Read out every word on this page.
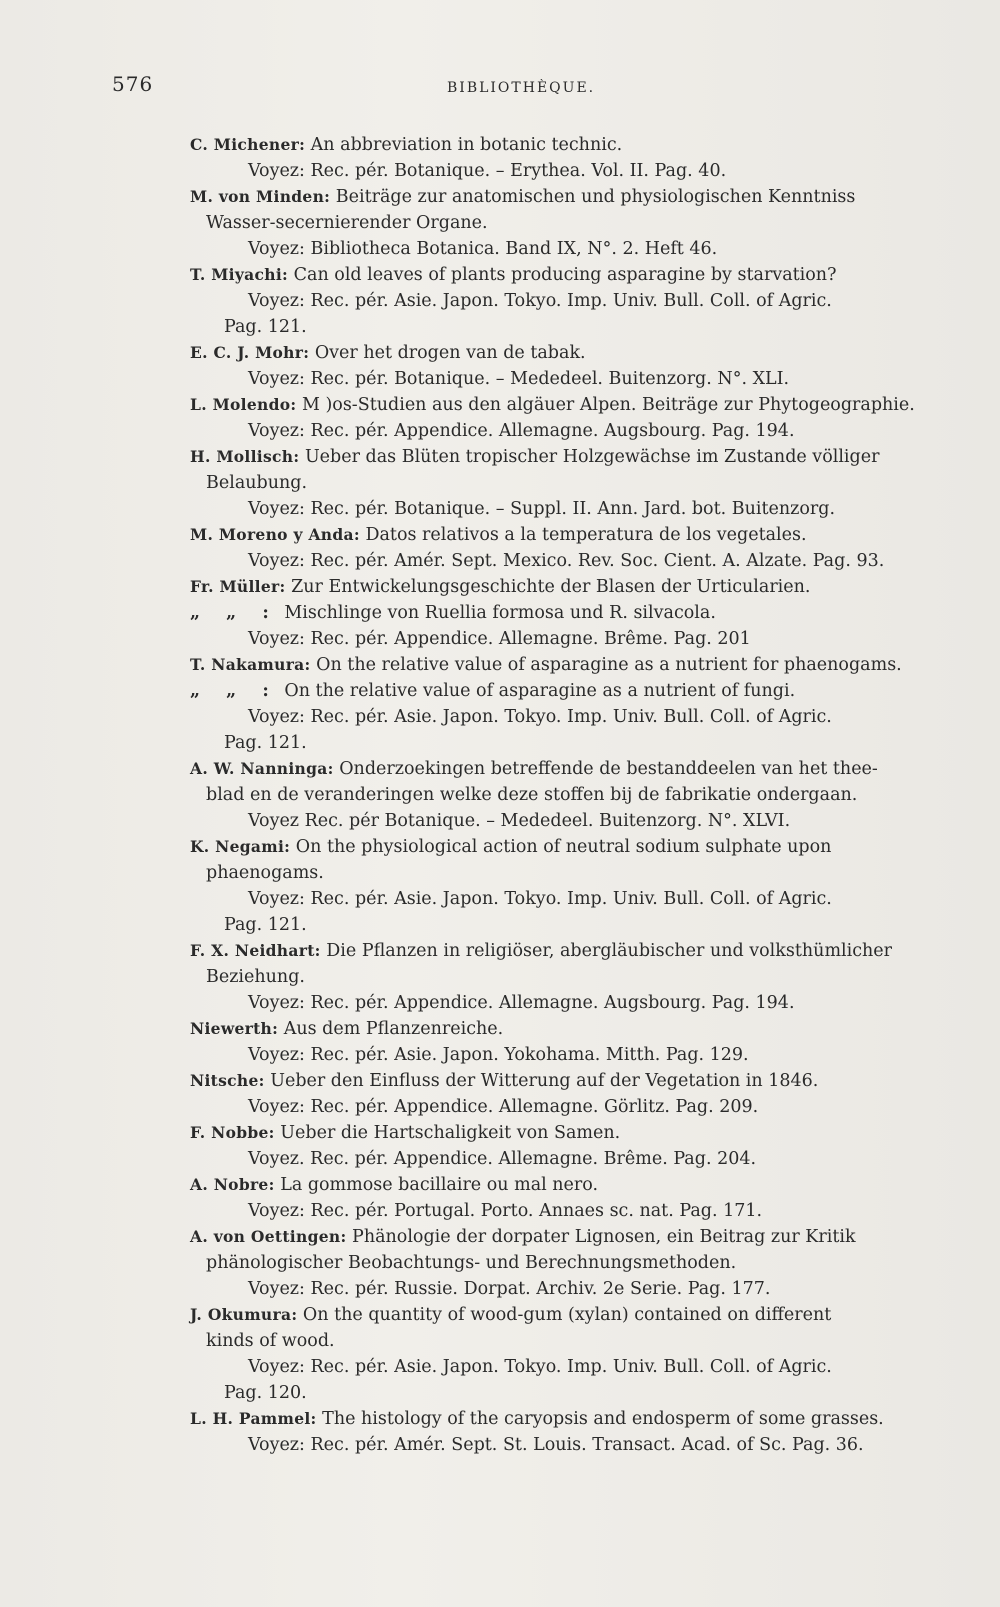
576	BIBLIOTHÈQUE.
C. Michener: An abbreviation in botanic technic.
Voyez: Rec. pér. Botanique. – Erythea. Vol. II. Pag. 40.
M. von Minden: Beiträge zur anatomischen und physiologischen Kenntniss
Wasser-secernierender Organe.
Voyez: Bibliotheca Botanica. Band IX, N°. 2. Heft 46.
T. Miyachi: Can old leaves of plants producing asparagine by starvation?
Voyez: Rec. pér. Asie. Japon. Tokyo. Imp. Univ. Bull. Coll. of Agric.
Pag. 121.
E. C. J. Mohr: Over het drogen van de tabak.
Voyez: Rec. pér. Botanique. – Mededeel. Buitenzorg. N°. XLI.
L. Molendo: M )os-Studien aus den algäuer Alpen. Beiträge zur Phytogeographie.
Voyez: Rec. pér. Appendice. Allemagne. Augsbourg. Pag. 194.
H. Mollisch: Ueber das Blüten tropischer Holzgewächse im Zustande völliger
Belaubung.
Voyez: Rec. pér. Botanique. – Suppl. II. Ann. Jard. bot. Buitenzorg.
M. Moreno y Anda: Datos relativos a la temperatura de los vegetales.
Voyez: Rec. pér. Amér. Sept. Mexico. Rev. Soc. Cient. A. Alzate. Pag. 93.
Fr. Müller: Zur Entwickelungsgeschichte der Blasen der Urticularien.
„ „ : Mischlinge von Ruellia formosa und R. silvacola.
Voyez: Rec. pér. Appendice. Allemagne. Brême. Pag. 201
T. Nakamura: On the relative value of asparagine as a nutrient for phaenogams.
„ „ : On the relative value of asparagine as a nutrient of fungi.
Voyez: Rec. pér. Asie. Japon. Tokyo. Imp. Univ. Bull. Coll. of Agric.
Pag. 121.
A. W. Nanninga: Onderzoekingen betreffende de bestanddeelen van het thee-
blad en de veranderingen welke deze stoffen bij de fabrikatie ondergaan.
Voyez Rec. pér Botanique. – Mededeel. Buitenzorg. N°. XLVI.
K. Negami: On the physiological action of neutral sodium sulphate upon
phaenogams.
Voyez: Rec. pér. Asie. Japon. Tokyo. Imp. Univ. Bull. Coll. of Agric.
Pag. 121.
F. X. Neidhart: Die Pflanzen in religiöser, abergläubischer und volksthümlicher
Beziehung.
Voyez: Rec. pér. Appendice. Allemagne. Augsbourg. Pag. 194.
Niewerth: Aus dem Pflanzenreiche.
Voyez: Rec. pér. Asie. Japon. Yokohama. Mitth. Pag. 129.
Nitsche: Ueber den Einfluss der Witterung auf der Vegetation in 1846.
Voyez: Rec. pér. Appendice. Allemagne. Görlitz. Pag. 209.
F. Nobbe: Ueber die Hartschaligkeit von Samen.
Voyez. Rec. pér. Appendice. Allemagne. Brême. Pag. 204.
A. Nobre: La gommose bacillaire ou mal nero.
Voyez: Rec. pér. Portugal. Porto. Annaes sc. nat. Pag. 171.
A. von Oettingen: Phänologie der dorpater Lignosen, ein Beitrag zur Kritik
phänologischer Beobachtungs- und Berechnungsmethoden.
Voyez: Rec. pér. Russie. Dorpat. Archiv. 2e Serie. Pag. 177.
J. Okumura: On the quantity of wood-gum (xylan) contained on different
kinds of wood.
Voyez: Rec. pér. Asie. Japon. Tokyo. Imp. Univ. Bull. Coll. of Agric.
Pag. 120.
L. H. Pammel: The histology of the caryopsis and endosperm of some grasses.
Voyez: Rec. pér. Amér. Sept. St. Louis. Transact. Acad. of Sc. Pag. 36.
